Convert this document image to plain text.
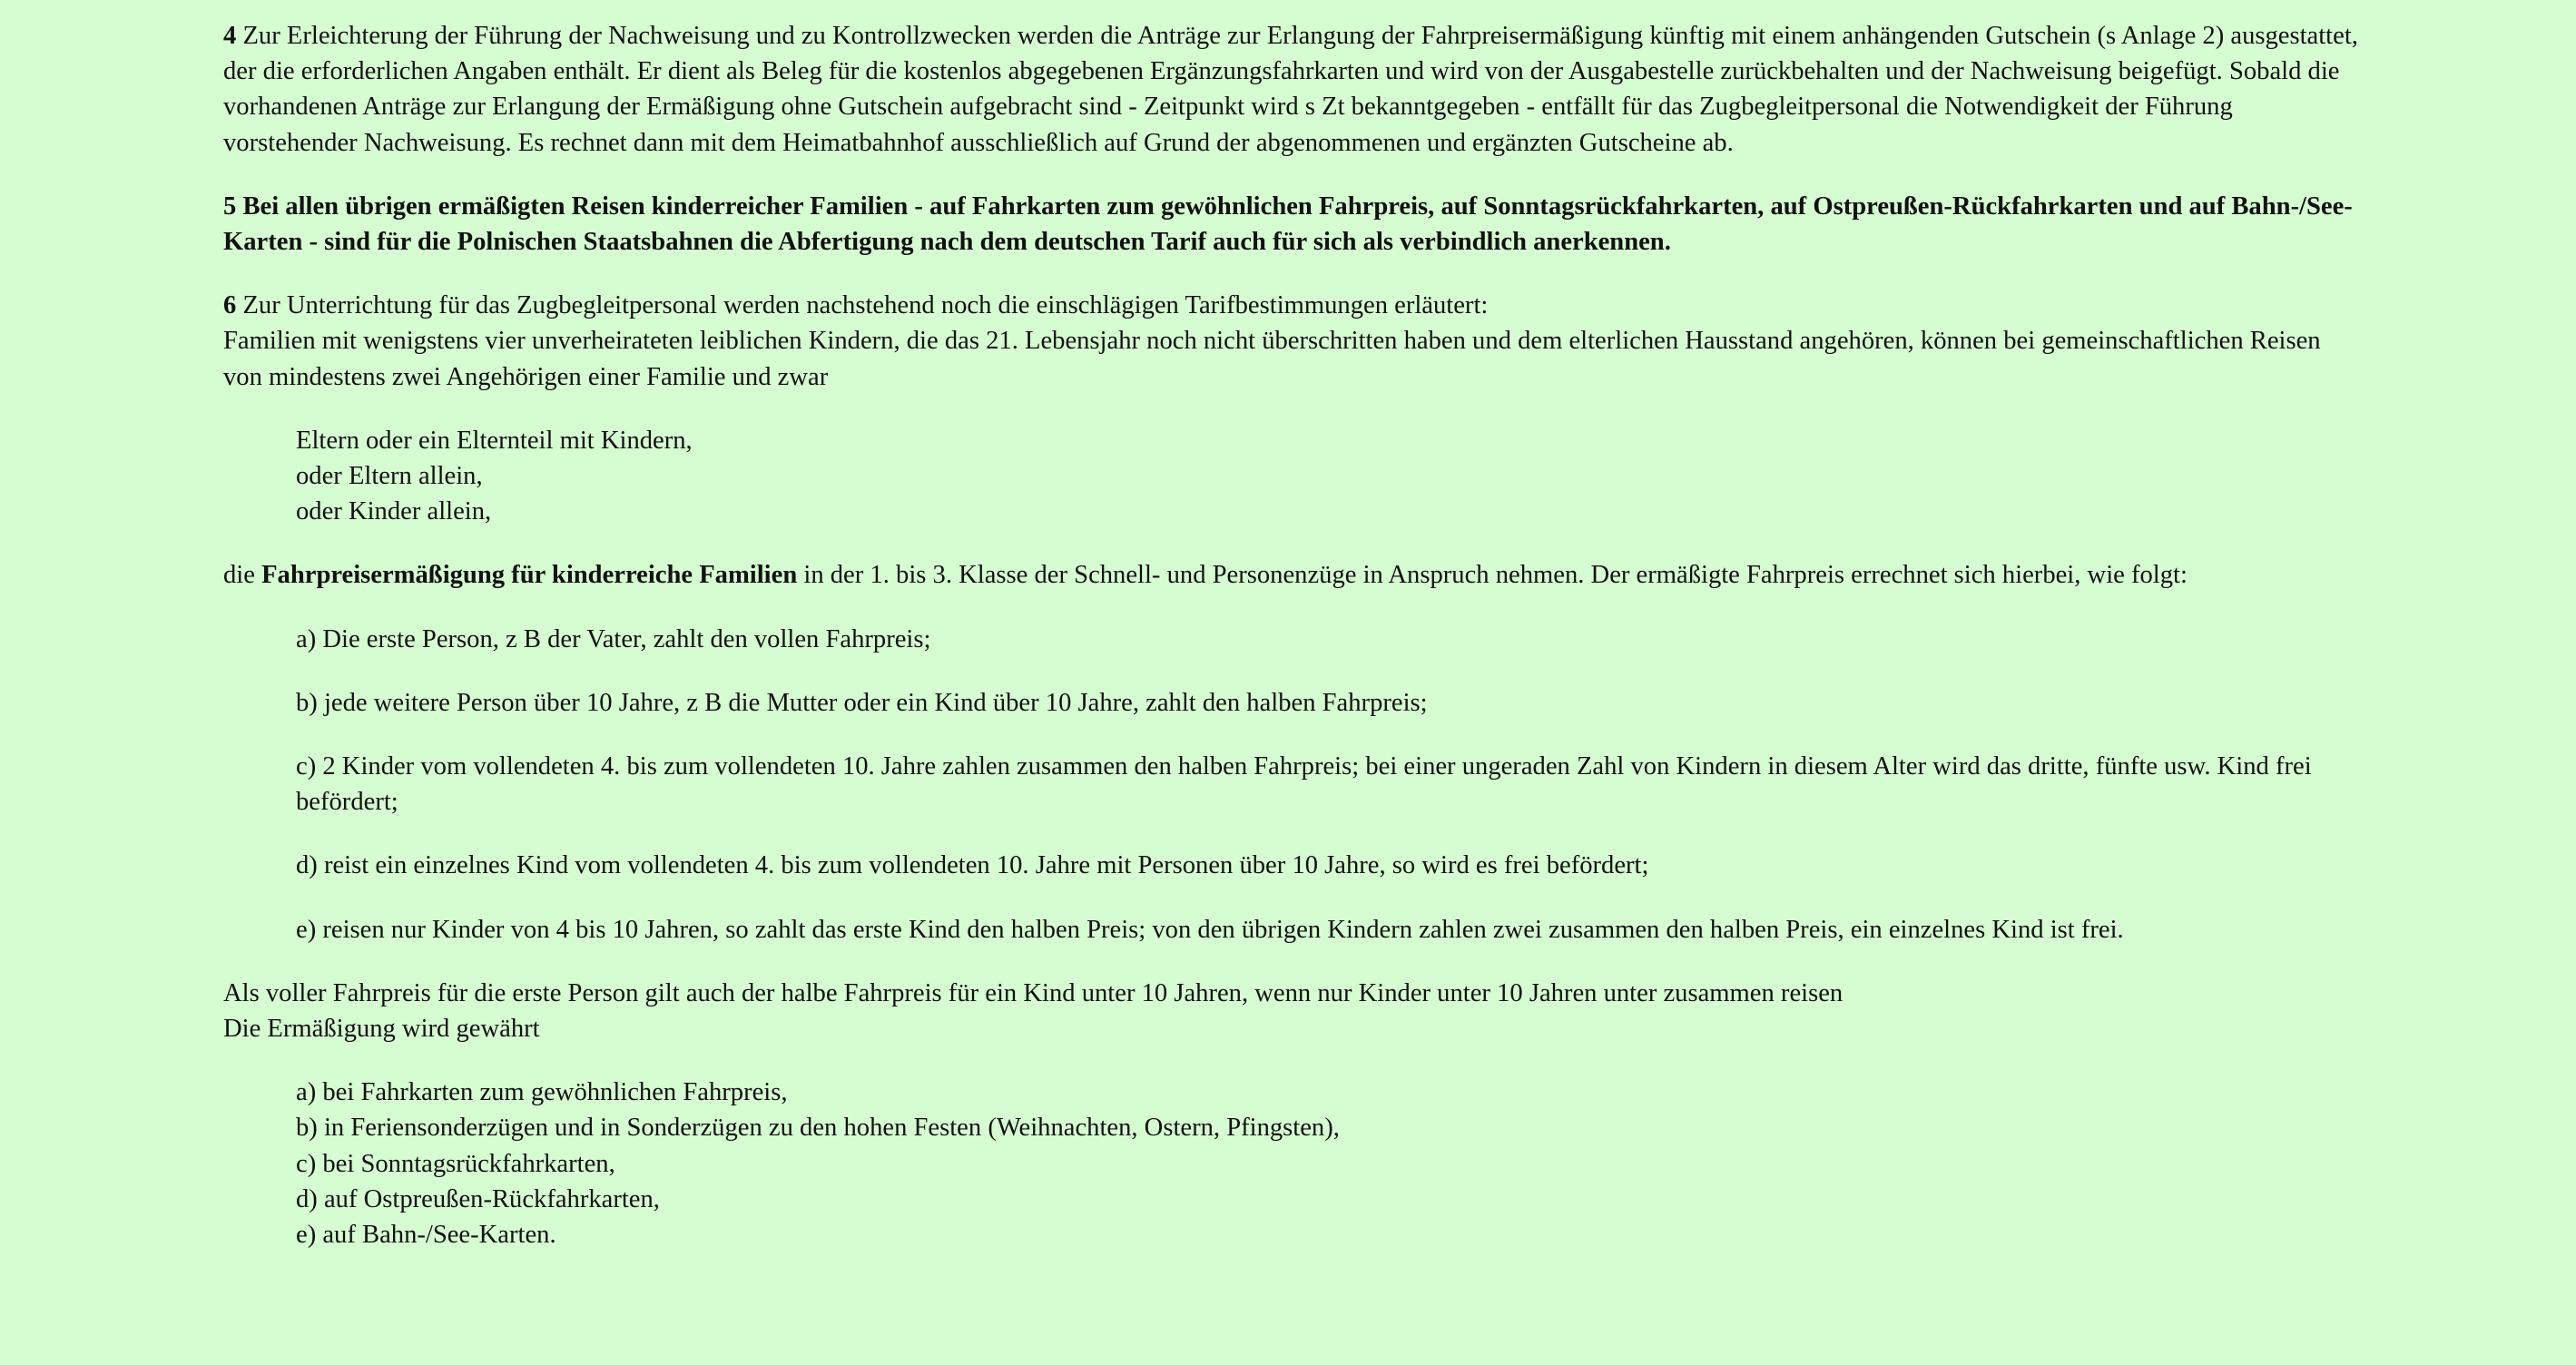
4 Zur Erleichterung der Führung der Nachweisung und zu Kontrollzwecken werden die Anträge zur Erlangung der Fahrpreisermäßigung künftig mit einem anhängenden Gutschein (s Anlage 2) ausgestattet, der die erforderlichen Angaben enthält. Er dient als Beleg für die kostenlos abgegebenen Ergänzungsfahrkarten und wird von der Ausgabestelle zurückbehalten und der Nachweisung beigefügt. Sobald die vorhandenen Anträge zur Erlangung der Ermäßigung ohne Gutschein aufgebracht sind - Zeitpunkt wird s Zt bekanntgegeben - entfällt für das Zugbegleitpersonal die Notwendigkeit der Führung vorstehender Nachweisung. Es rechnet dann mit dem Heimatbahnhof ausschließlich auf Grund der abgenommenen und ergänzten Gutscheine ab.

5 Bei allen übrigen ermäßigten Reisen kinderreicher Familien - auf Fahrkarten zum gewöhnlichen Fahrpreis, auf Sonntagsrückfahrkarten, auf Ostpreußen-Rückfahrkarten und auf Bahn-/See-Karten - sind für die Polnischen Staatsbahnen die Abfertigung nach dem deutschen Tarif auch für sich als verbindlich anerkennen.

6 Zur Unterrichtung für das Zugbegleitpersonal werden nachstehend noch die einschlägigen Tarifbestimmungen erläutert:

Familien mit wenigstens vier unverheirateten leiblichen Kindern, die das 21. Lebensjahr noch nicht überschritten haben und dem elterlichen Hausstand angehören, können bei gemeinschaftlichen Reisen von mindestens zwei Angehörigen einer Familie und zwar

Eltern oder ein Elternteil mit Kindern,
oder Eltern allein,
oder Kinder allein,

die Fahrpreisermäßigung für kinderreiche Familien in der 1. bis 3. Klasse der Schnell- und Personenzüge in Anspruch nehmen. Der ermäßigte Fahrpreis errechnet sich hierbei, wie folgt:

a) Die erste Person, z B der Vater, zahlt den vollen Fahrpreis;

b) jede weitere Person über 10 Jahre, z B die Mutter oder ein Kind über 10 Jahre, zahlt den halben Fahrpreis;

c) 2 Kinder vom vollendeten 4. bis zum vollendeten 10. Jahre zahlen zusammen den halben Fahrpreis; bei einer ungeraden Zahl von Kindern in diesem Alter wird das dritte, fünfte usw. Kind frei befördert;

d) reist ein einzelnes Kind vom vollendeten 4. bis zum vollendeten 10. Jahre mit Personen über 10 Jahre, so wird es frei befördert;

e) reisen nur Kinder von 4 bis 10 Jahren, so zahlt das erste Kind den halben Preis; von den übrigen Kindern zahlen zwei zusammen den halben Preis, ein einzelnes Kind ist frei.

Als voller Fahrpreis für die erste Person gilt auch der halbe Fahrpreis für ein Kind unter 10 Jahren, wenn nur Kinder unter 10 Jahren unter zusammen reisen

Die Ermäßigung wird gewährt

a) bei Fahrkarten zum gewöhnlichen Fahrpreis,
b) in Feriensonderzügen und in Sonderzügen zu den hohen Festen (Weihnachten, Ostern, Pfingsten),
c) bei Sonntagsrückfahrkarten,
d) auf Ostpreußen-Rückfahrkarten,
e) auf Bahn-/See-Karten.
